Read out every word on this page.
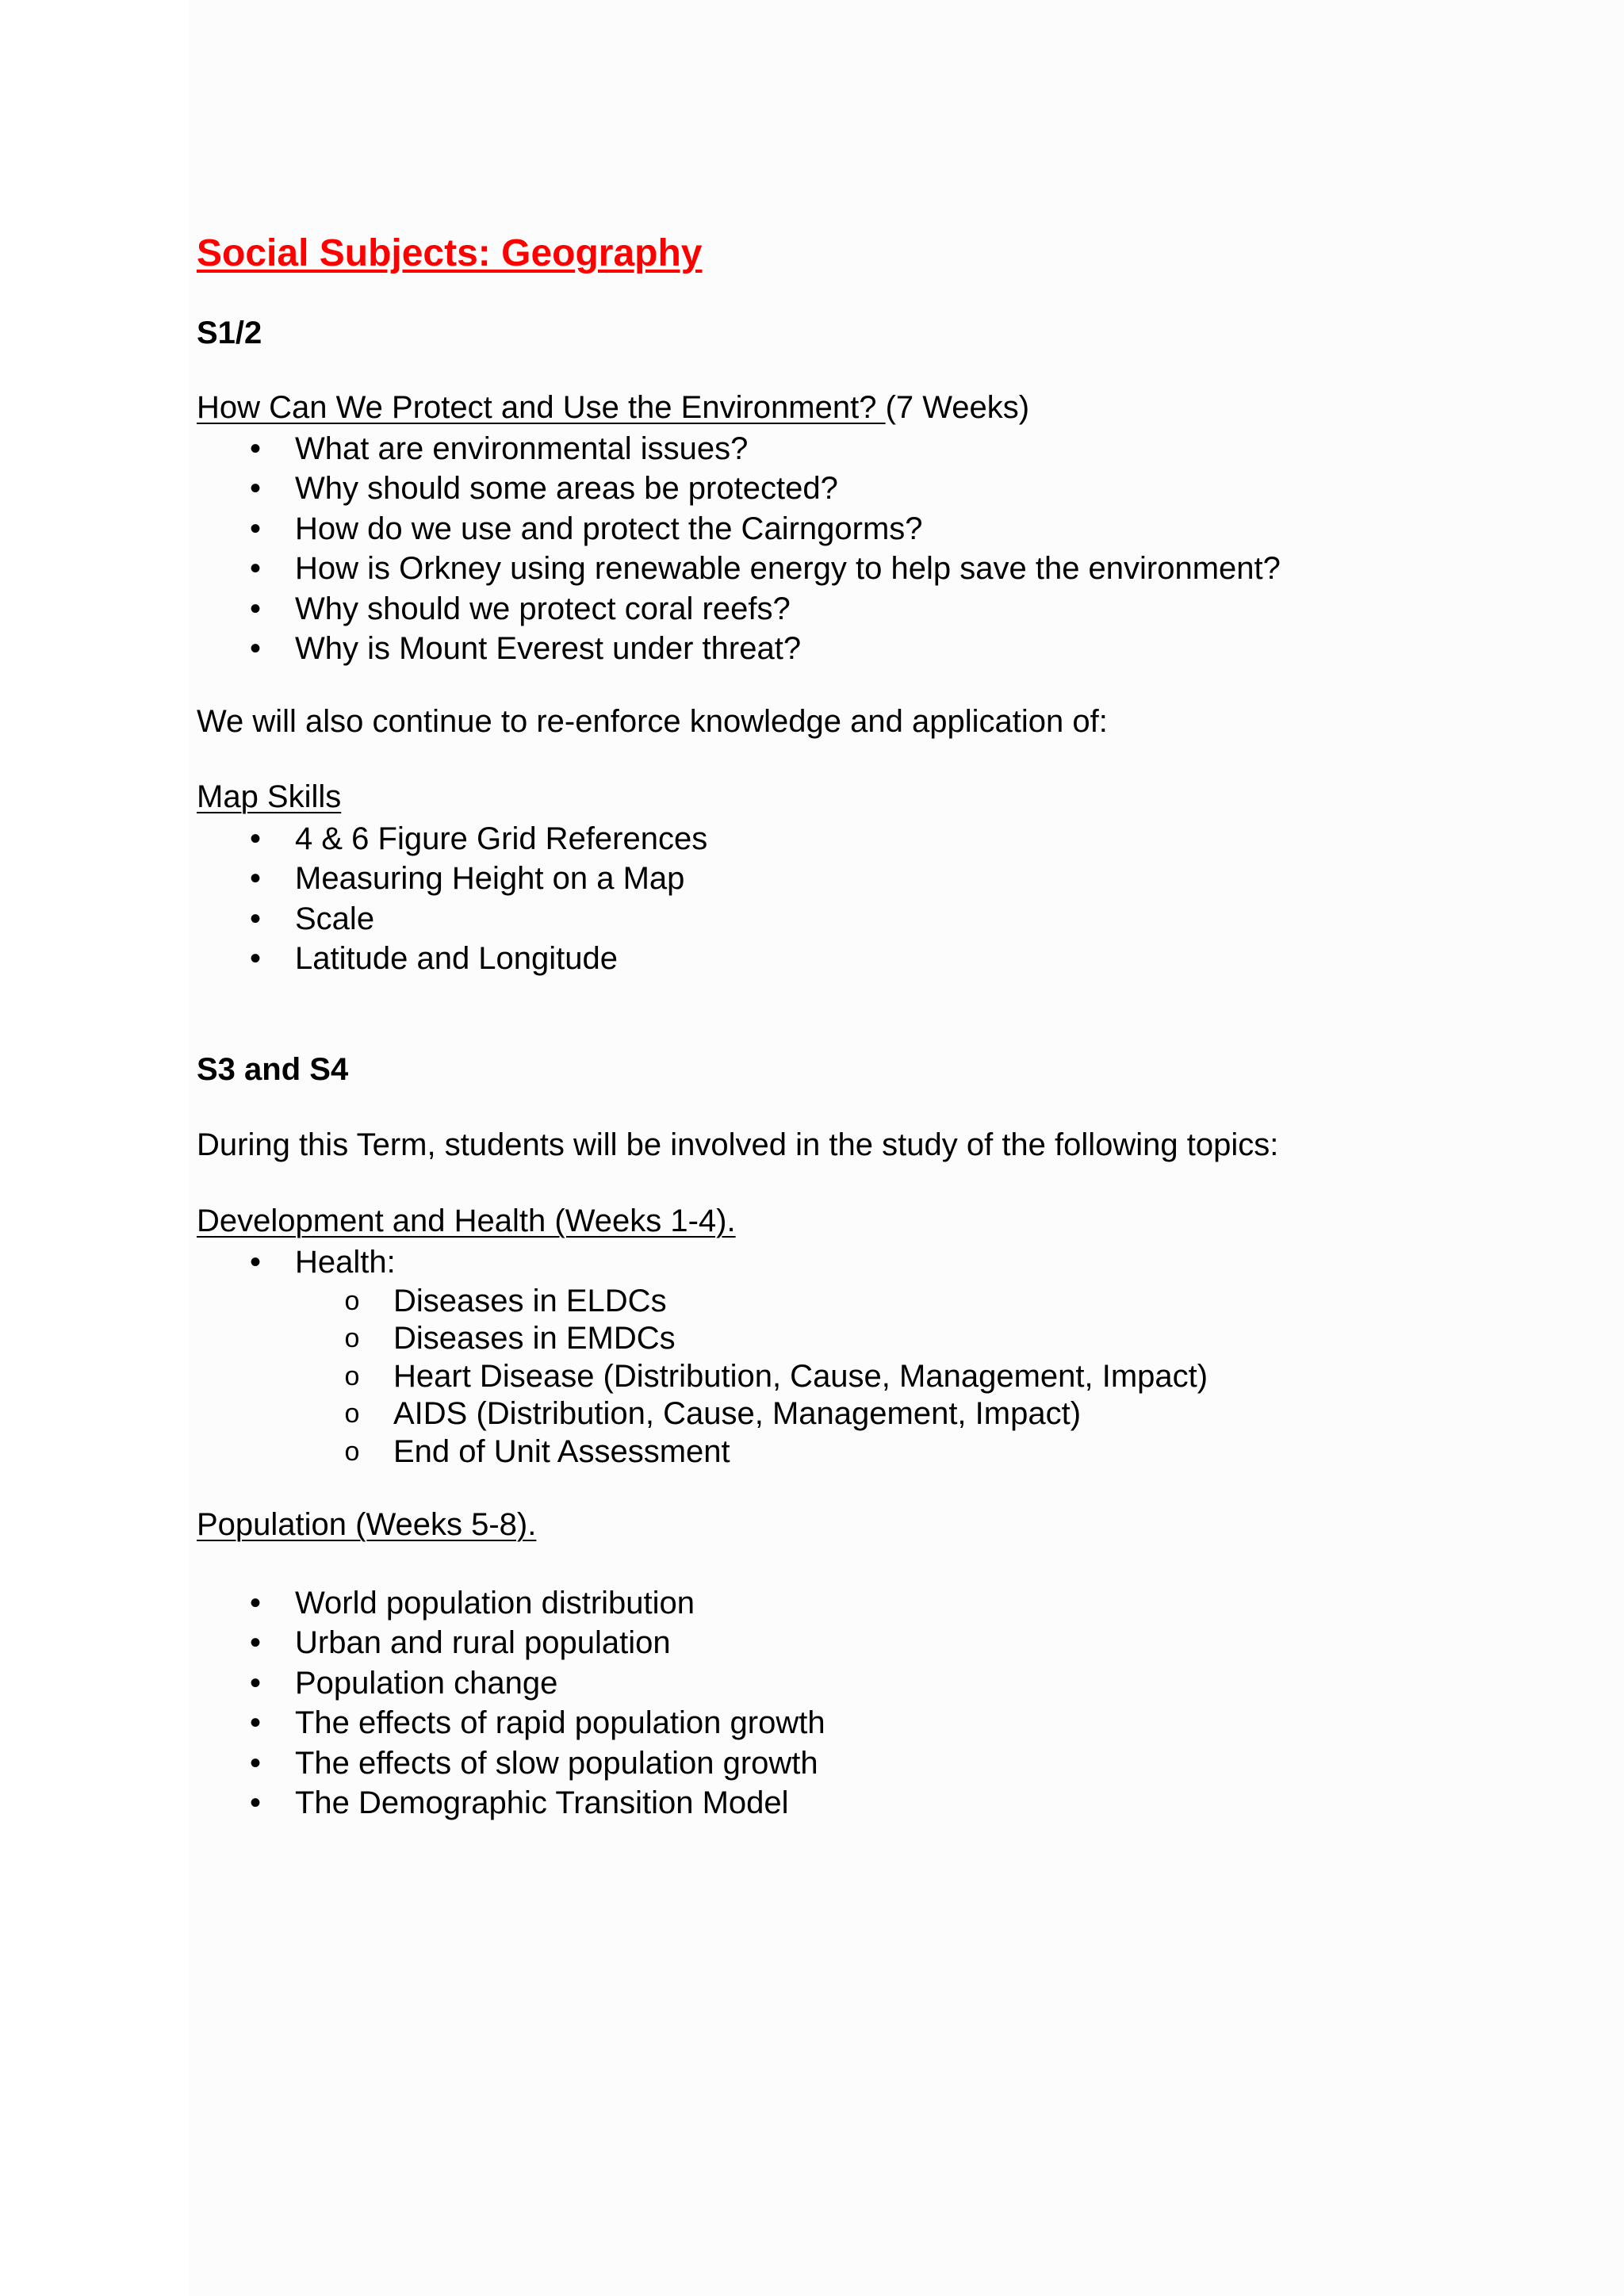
Social Subjects: Geography
S1/2

How Can We Protect and Use the Environment? (7 Weeks)

• What are environmental issues?
• Why should some areas be protected?
• How do we use and protect the Cairngorms?
• How is Orkney using renewable energy to help save the environment?
• Why should we protect coral reefs?
• Why is Mount Everest under threat?

We will also continue to re-enforce knowledge and application of:

Map Skills

• 4 & 6 Figure Grid References
• Measuring Height on a Map
• Scale
• Latitude and Longitude
S3 and S4

During this Term, students will be involved in the study of the following topics:

Development and Health (Weeks 1-4).

• Health:
o Diseases in ELDCs
o Diseases in EMDCs
o Heart Disease (Distribution, Cause, Management, Impact)
o AIDS (Distribution, Cause, Management, Impact)
o End of Unit Assessment

Population (Weeks 5-8).

• World population distribution
• Urban and rural population
• Population change
• The effects of rapid population growth
• The effects of slow population growth
• The Demographic Transition Model
